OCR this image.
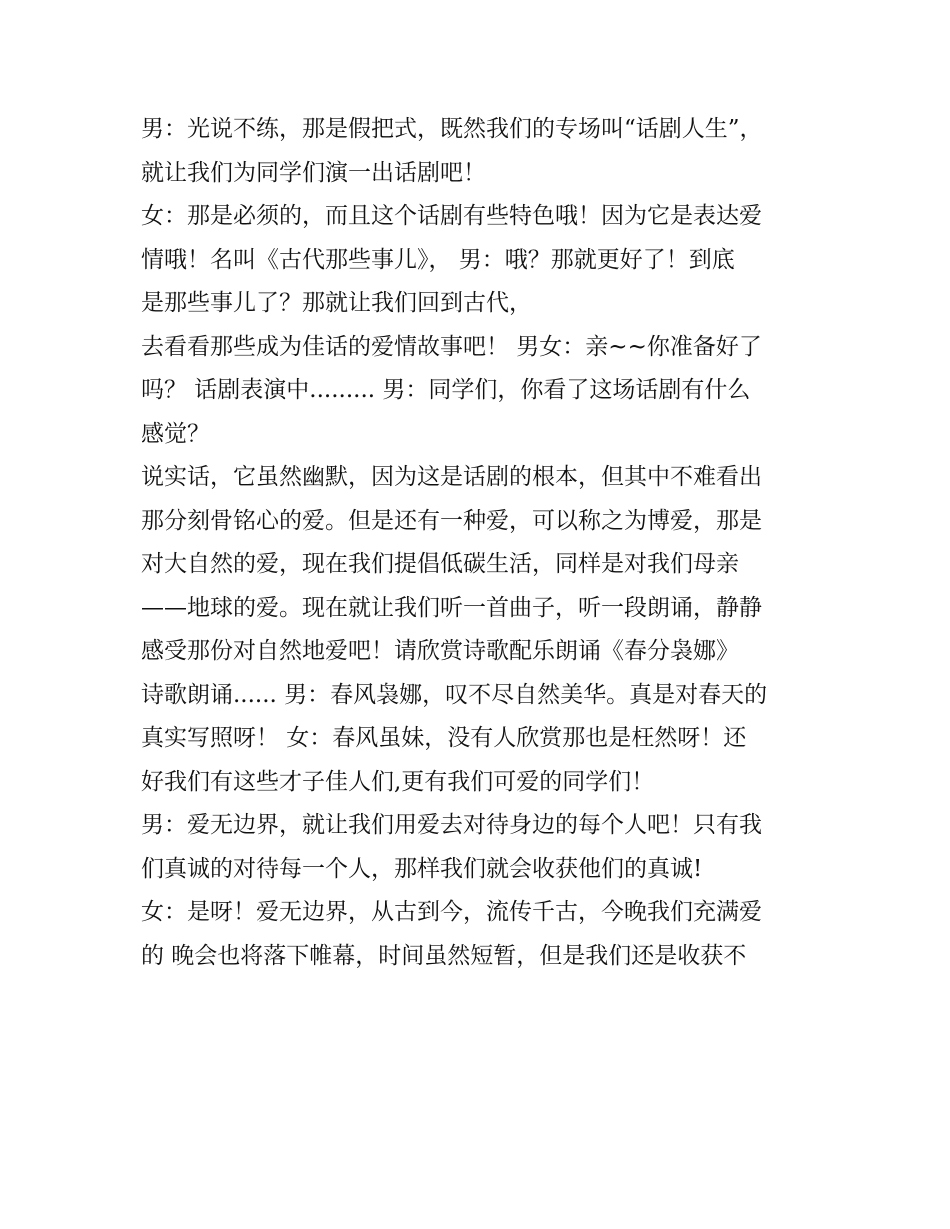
男：光说不练，那是假把式，既然我们的专场叫“话剧人生”，
就让我们为同学们演一出话剧吧！
女：那是必须的，而且这个话剧有些特色哦！因为它是表达爱
情哦！名叫《古代那些事儿》， 男：哦？那就更好了！到底
是那些事儿了？那就让我们回到古代，
去看看那些成为佳话的爱情故事吧！ 男女：亲~~你准备好了
吗？ 话剧表演中......... 男：同学们，你看了这场话剧有什么
感觉？
说实话，它虽然幽默，因为这是话剧的根本，但其中不难看出
那分刻骨铭心的爱。但是还有一种爱，可以称之为博爱，那是
对大自然的爱，现在我们提倡低碳生活，同样是对我们母亲
——地球的爱。现在就让我们听一首曲子，听一段朗诵，静静
感受那份对自然地爱吧！请欣赏诗歌配乐朗诵《春分袅娜》
诗歌朗诵...... 男：春风袅娜，叹不尽自然美华。真是对春天的
真实写照呀！ 女：春风虽妹，没有人欣赏那也是枉然呀！还
好我们有这些才子佳人们,更有我们可爱的同学们！
男：爱无边界，就让我们用爱去对待身边的每个人吧！只有我
们真诚的对待每一个人，那样我们就会收获他们的真诚!
女：是呀！爱无边界，从古到今，流传千古，今晚我们充满爱
的 晚会也将落下帷幕，时间虽然短暂，但是我们还是收获不
